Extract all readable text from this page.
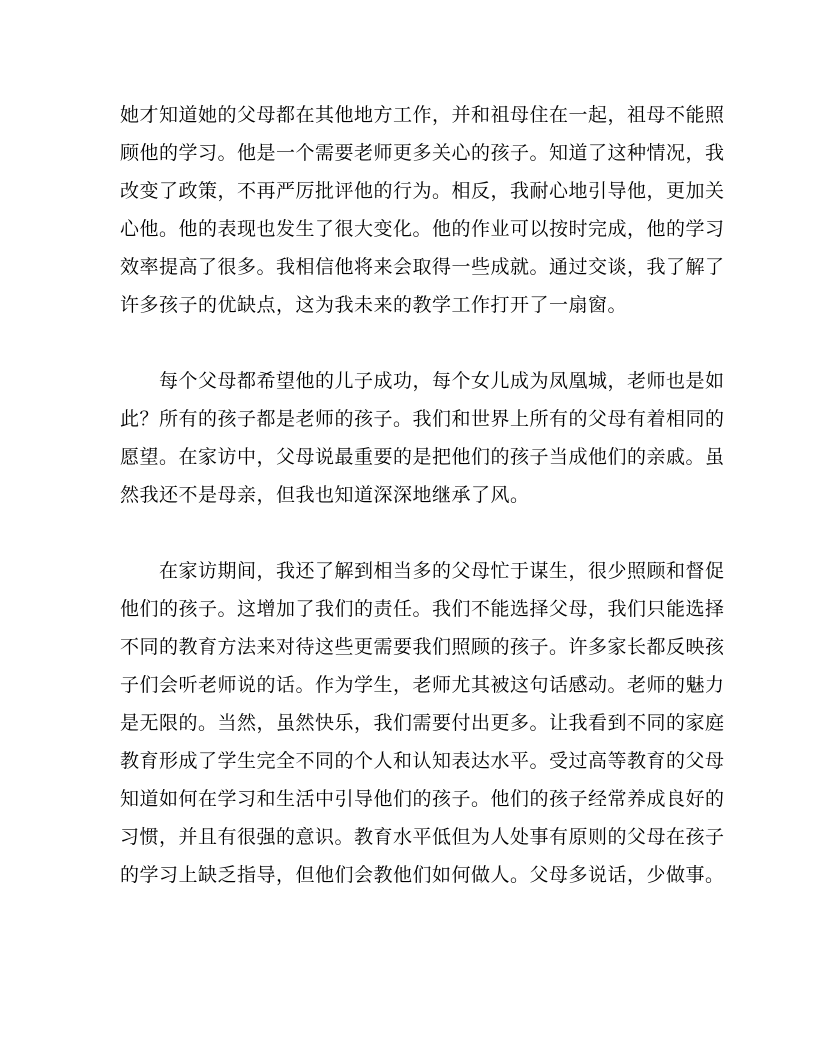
她才知道她的父母都在其他地方工作，并和祖母住在一起，祖母不能照
顾他的学习。他是一个需要老师更多关心的孩子。知道了这种情况，我
改变了政策，不再严厉批评他的行为。相反，我耐心地引导他，更加关
心他。他的表现也发生了很大变化。他的作业可以按时完成，他的学习
效率提高了很多。我相信他将来会取得一些成就。通过交谈，我了解了
许多孩子的优缺点，这为我未来的教学工作打开了一扇窗。
　　每个父母都希望他的儿子成功，每个女儿成为凤凰城，老师也是如
此？所有的孩子都是老师的孩子。我们和世界上所有的父母有着相同的
愿望。在家访中，父母说最重要的是把他们的孩子当成他们的亲戚。虽
然我还不是母亲，但我也知道深深地继承了风。
　　在家访期间，我还了解到相当多的父母忙于谋生，很少照顾和督促
他们的孩子。这增加了我们的责任。我们不能选择父母，我们只能选择
不同的教育方法来对待这些更需要我们照顾的孩子。许多家长都反映孩
子们会听老师说的话。作为学生，老师尤其被这句话感动。老师的魅力
是无限的。当然，虽然快乐，我们需要付出更多。让我看到不同的家庭
教育形成了学生完全不同的个人和认知表达水平。受过高等教育的父母
知道如何在学习和生活中引导他们的孩子。他们的孩子经常养成良好的
习惯，并且有很强的意识。教育水平低但为人处事有原则的父母在孩子
的学习上缺乏指导，但他们会教他们如何做人。父母多说话，少做事。
